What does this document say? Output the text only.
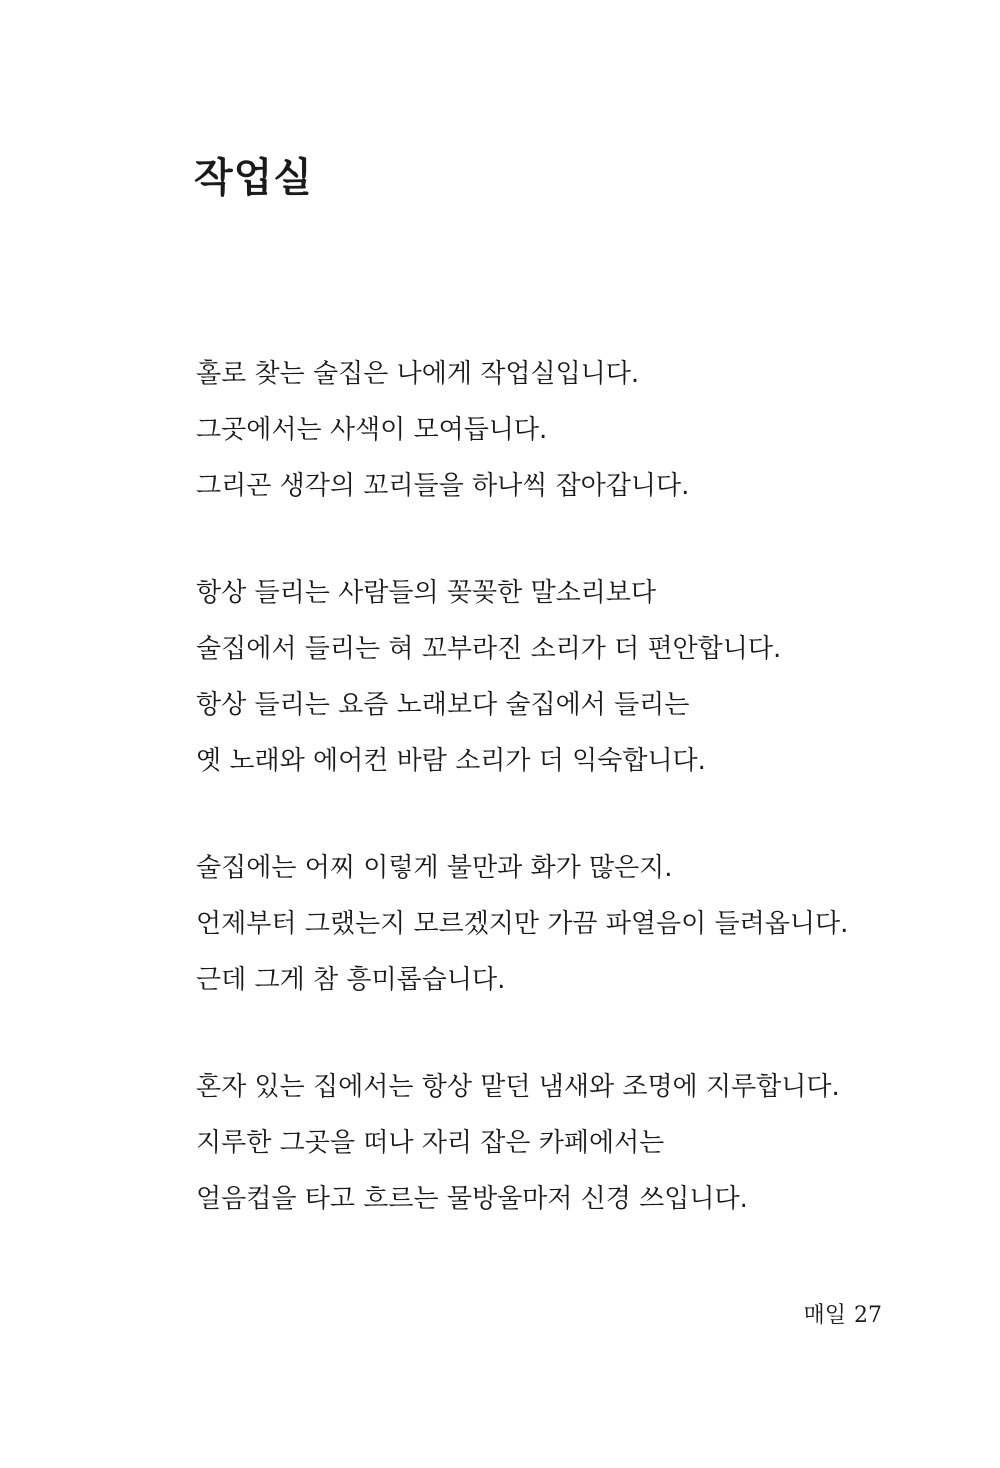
작업실

홀로 찾는 술집은 나에게 작업실입니다.
그곳에서는 사색이 모여듭니다.
그리곤 생각의 꼬리들을 하나씩 잡아갑니다.

항상 들리는 사람들의 꽂꽂한 말소리보다
술집에서 들리는 혀 꼬부라진 소리가 더 편안합니다.
항상 들리는 요즘 노래보다 술집에서 들리는
옛 노래와 에어컨 바람 소리가 더 익숙합니다.

술집에는 어찌 이렇게 불만과 화가 많은지.
언제부터 그랬는지 모르겠지만 가끔 파열음이 들려옵니다.
근데 그게 참 흥미롭습니다.

혼자 있는 집에서는 항상 맡던 냄새와 조명에 지루합니다.
지루한 그곳을 떠나 자리 잡은 카페에서는
얼음컵을 타고 흐르는 물방울마저 신경 쓰입니다.

매일 27
